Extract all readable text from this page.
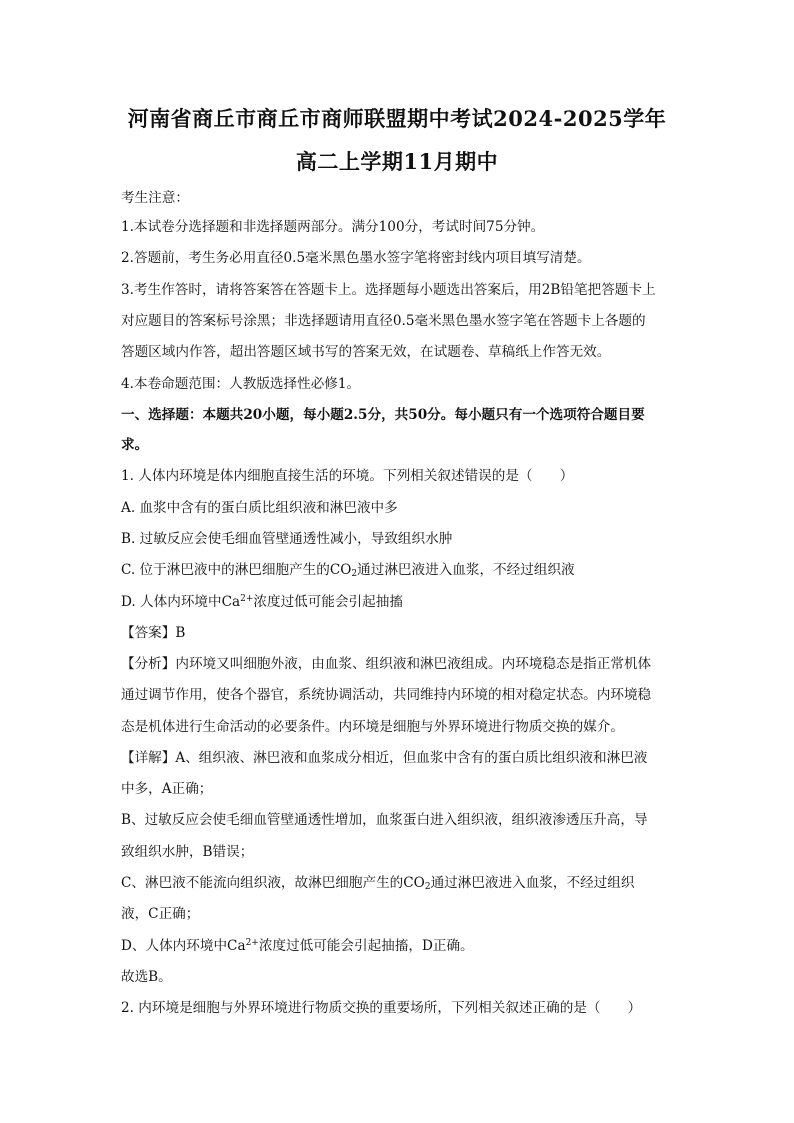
河南省商丘市商丘市商师联盟期中考试2024-2025学年
高二上学期11月期中
考生注意：
1.本试卷分选择题和非选择题两部分。满分100分，考试时间75分钟。
2.答题前，考生务必用直径0.5毫米黑色墨水签字笔将密封线内项目填写清楚。
3.考生作答时，请将答案答在答题卡上。选择题每小题选出答案后，用2B铅笔把答题卡上
对应题目的答案标号涂黑；非选择题请用直径0.5毫米黑色墨水签字笔在答题卡上各题的
答题区域内作答，超出答题区域书写的答案无效，在试题卷、草稿纸上作答无效。
4.本卷命题范围：人教版选择性必修1。
一、选择题：本题共20小题，每小题2.5分，共50分。每小题只有一个选项符合题目要
求。
1. 人体内环境是体内细胞直接生活的环境。下列相关叙述错误的是（　　）
A. 血浆中含有的蛋白质比组织液和淋巴液中多
B. 过敏反应会使毛细血管壁通透性减小，导致组织水肿
C. 位于淋巴液中的淋巴细胞产生的$CO_2$通过淋巴液进入血浆，不经过组织液
D. 人体内环境中$Ca^{2+}$浓度过低可能会引起抽搐
【答案】B
【分析】内环境又叫细胞外液，由血浆、组织液和淋巴液组成。内环境稳态是指正常机体
通过调节作用，使各个器官，系统协调活动，共同维持内环境的相对稳定状态。内环境稳
态是机体进行生命活动的必要条件。内环境是细胞与外界环境进行物质交换的媒介。
【详解】A、组织液、淋巴液和血浆成分相近，但血浆中含有的蛋白质比组织液和淋巴液
中多，A正确；
B、过敏反应会使毛细血管壁通透性增加，血浆蛋白进入组织液，组织液渗透压升高，导
致组织水肿，B错误；
C、淋巴液不能流向组织液，故淋巴细胞产生的$CO_2$通过淋巴液进入血浆，不经过组织
液，C正确；
D、人体内环境中$Ca^{2+}$浓度过低可能会引起抽搐，D正确。
故选B。
2. 内环境是细胞与外界环境进行物质交换的重要场所，下列相关叙述正确的是（　　）
